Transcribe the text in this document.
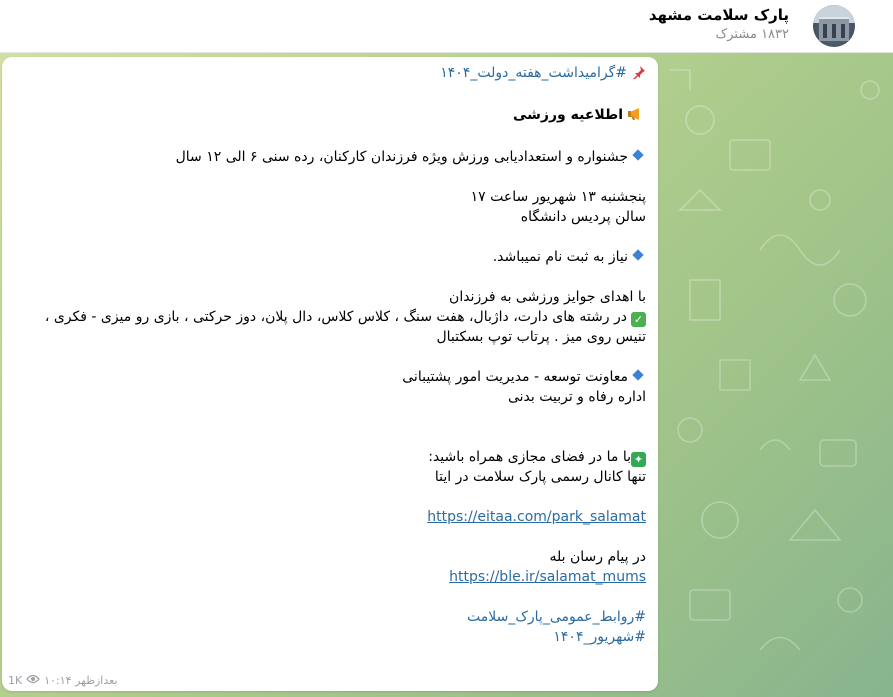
پارک سلامت مشهد
۱۸۳۲ مشترک

#گرامیداشت_هفته_دولت_۱۴۰۴

اطلاعیه ورزشی

جشنواره و استعدادیابی ورزش ویژه فرزندان کارکنان، رده سنی ۶ الی ۱۲ سال

پنجشنبه ۱۳ شهریور ساعت ۱۷

سالن پردیس دانشگاه

نیاز به ثبت نام نمیباشد.

با اهدای جوایز ورزشی به فرزندان

✓در رشته های دارت، داژبال، هفت سنگ ، کلاس کلاس، دال پلان، دوز حرکتی ، بازی رو میزی - فکری ،

تنیس روی میز . پرتاب توپ بسکتبال

معاونت توسعه - مدیریت امور پشتیبانی

اداره رفاه و تربیت بدنی

✦با ما در فضای مجازی همراه باشید:

تنها کانال رسمی پارک سلامت در ایتا

https://eitaa.com/park_salamat

در پیام رسان بله

https://ble.ir/salamat_mums

#روابط_عمومی_پارک_سلامت

#شهریور_۱۴۰۴

1K ۱۰:۱۴ بعدازظهر
